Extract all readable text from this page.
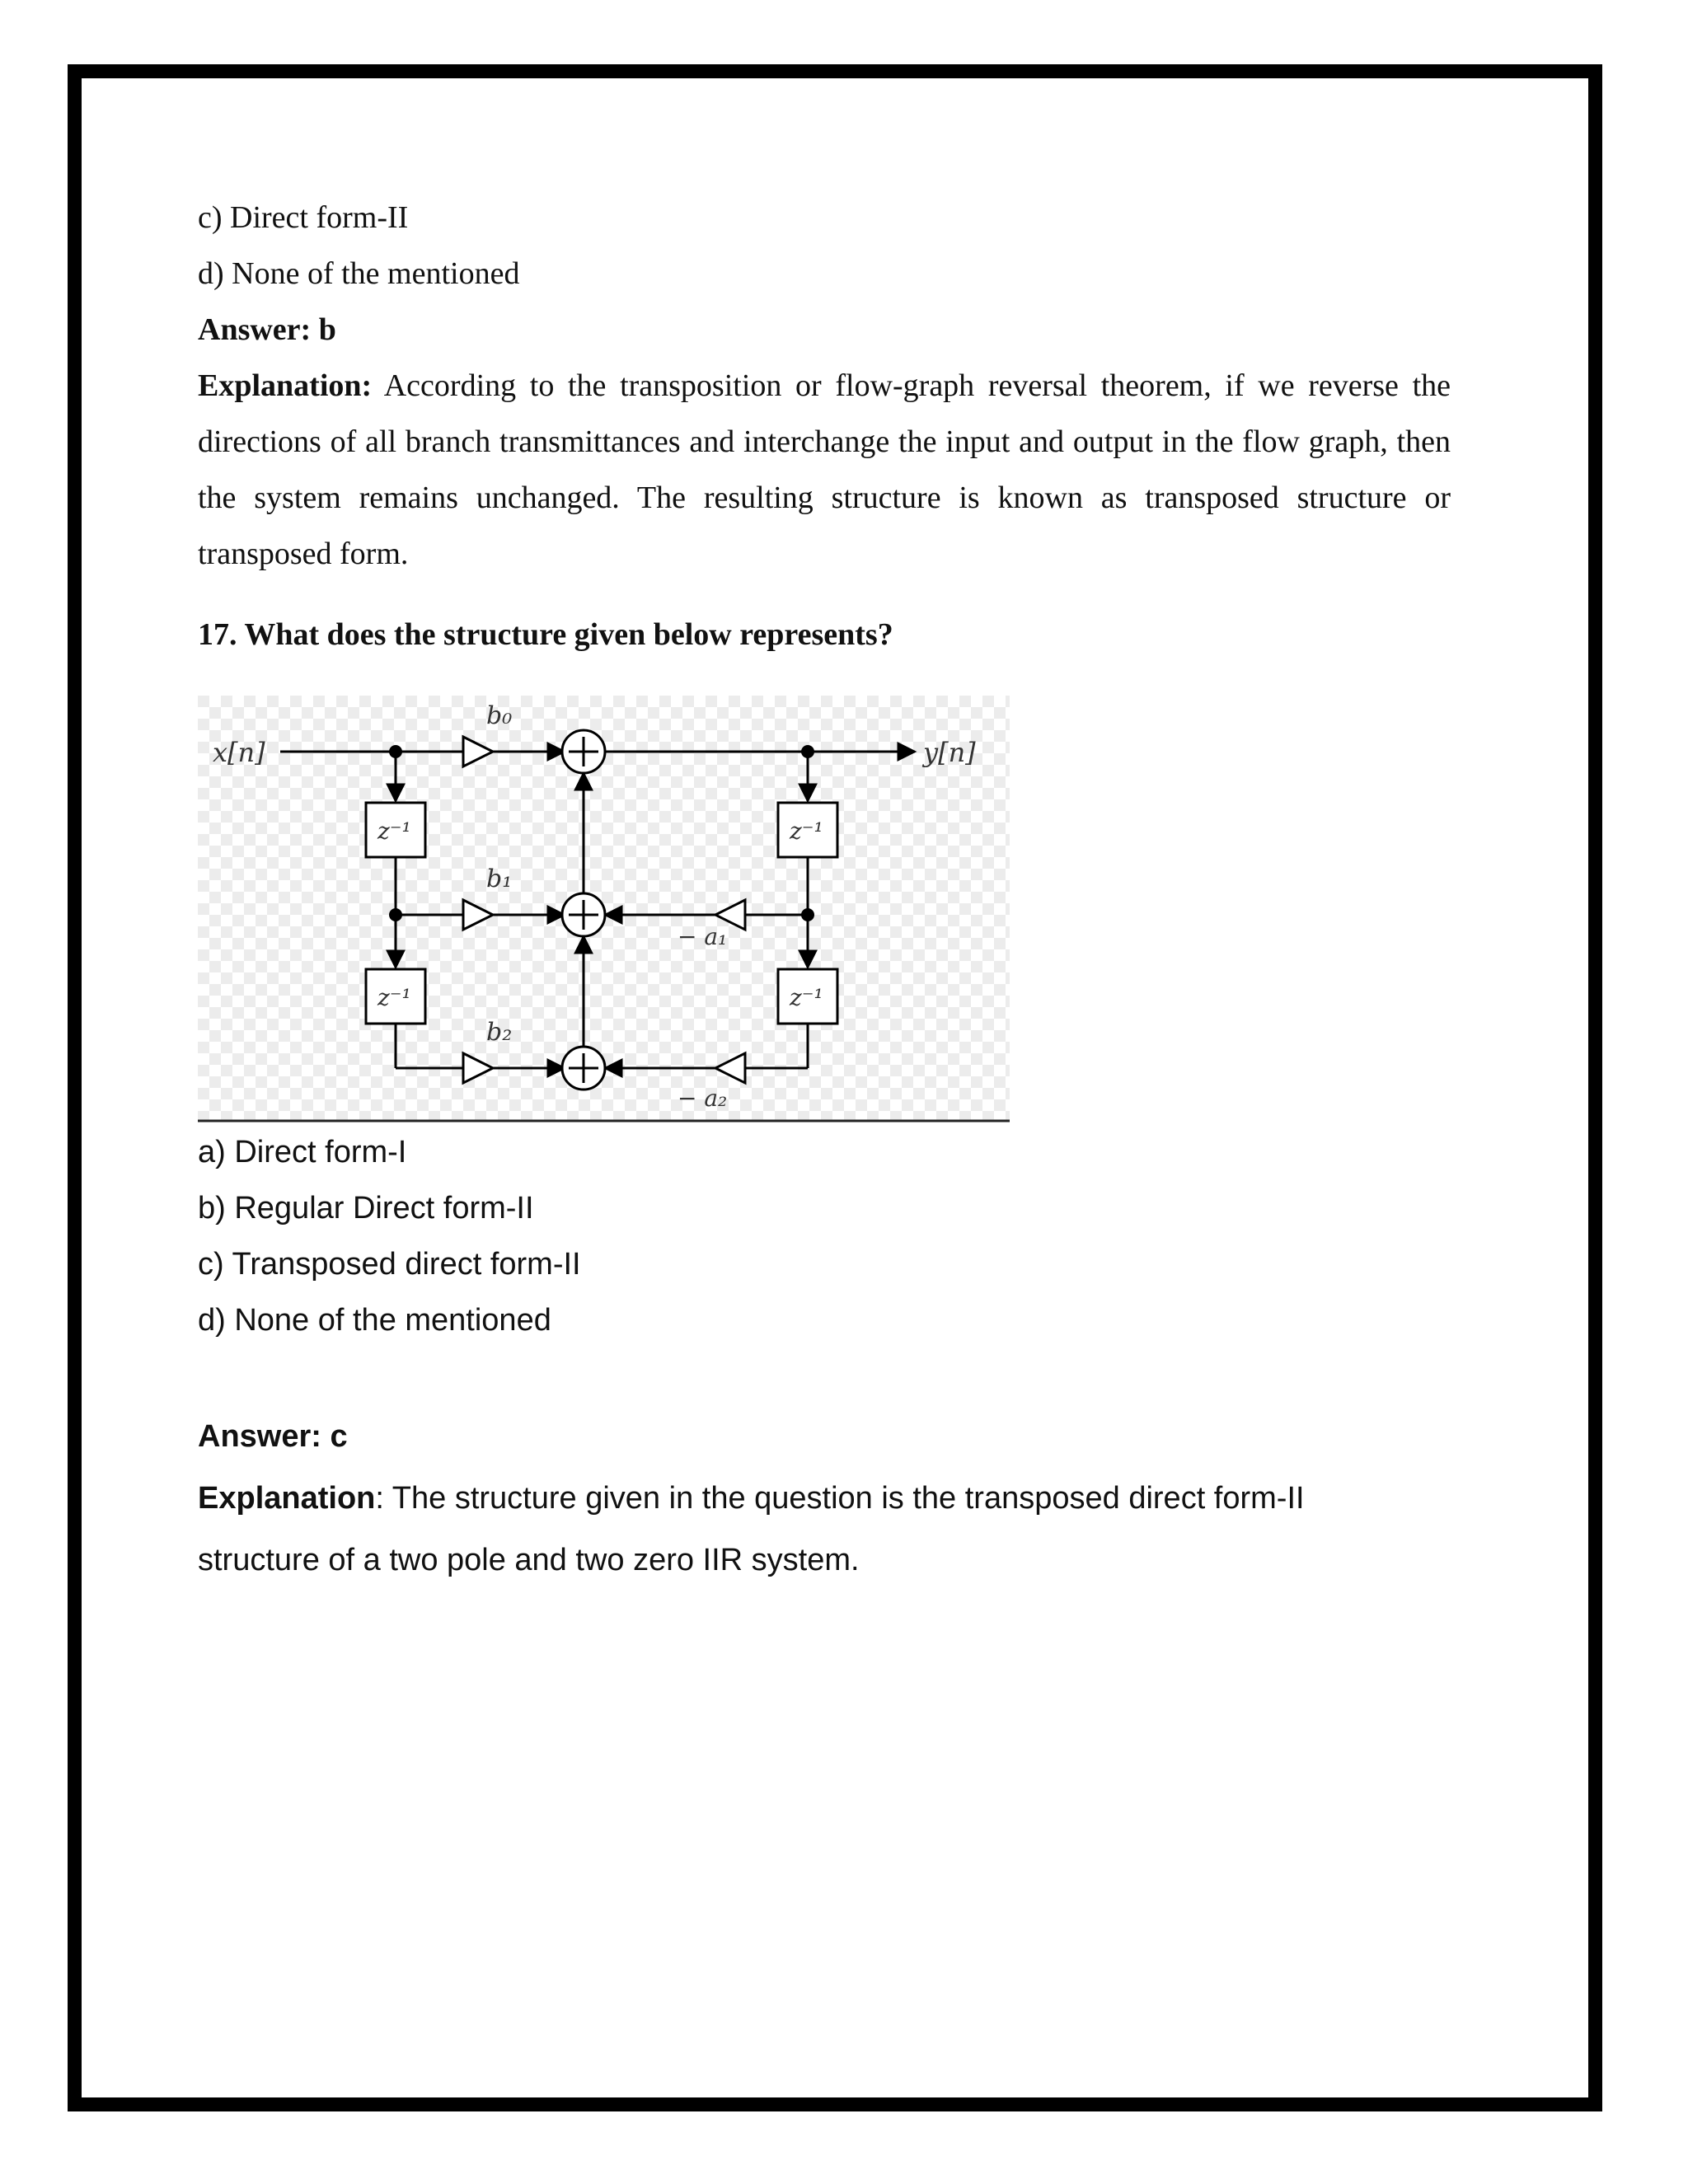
c) Direct form-II

d) None of the mentioned

Answer: b

Explanation: According to the transposition or flow-graph reversal theorem, if we reverse the directions of all branch transmittances and interchange the input and output in the flow graph, then the system remains unchanged. The resulting structure is known as transposed structure or transposed form.

17. What does the structure given below represents?

x[n]	y[n]
b₀
b₁
b₂
− a₁
− a₂
z⁻¹
z⁻¹
z⁻¹
z⁻¹

a) Direct form-I

b) Regular Direct form-II

c) Transposed direct form-II

d) None of the mentioned

Answer: c

Explanation: The structure given in the question is the transposed direct form-II

structure of a two pole and two zero IIR system.
